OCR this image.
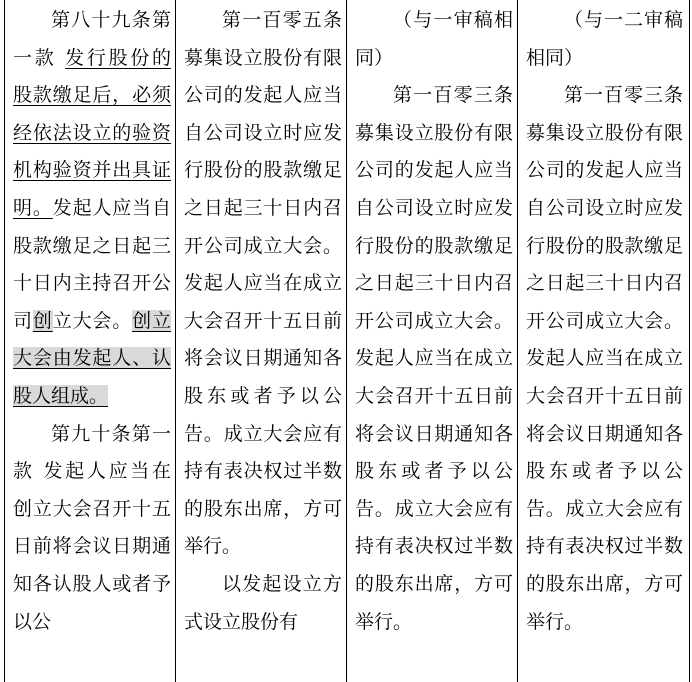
第八十九条第一款 发行股份的股款缴足后，必须经依法设立的验资机构验资并出具证明。发起人应当自股款缴足之日起三十日内主持召开公司创立大会。创立大会由发起人、认股人组成。

第九十条第一款 发起人应当在创立大会召开十五日前将会议日期通知各认股人或者予以公

第一百零五条 募集设立股份有限公司的发起人应当自公司设立时应发行股份的股款缴足之日起三十日内召开公司成立大会。发起人应当在成立大会召开十五日前将会议日期通知各股东或者予以公告。成立大会应有持有表决权过半数的股东出席，方可举行。

以发起设立方式设立股份有

（与一审稿相同）

第一百零三条 募集设立股份有限公司的发起人应当自公司设立时应发行股份的股款缴足之日起三十日内召开公司成立大会。发起人应当在成立大会召开十五日前将会议日期通知各股东或者予以公告。成立大会应有持有表决权过半数的股东出席，方可举行。

（与一二审稿相同）

第一百零三条 募集设立股份有限公司的发起人应当自公司设立时应发行股份的股款缴足之日起三十日内召开公司成立大会。发起人应当在成立大会召开十五日前将会议日期通知各股东或者予以公告。成立大会应有持有表决权过半数的股东出席，方可举行。
